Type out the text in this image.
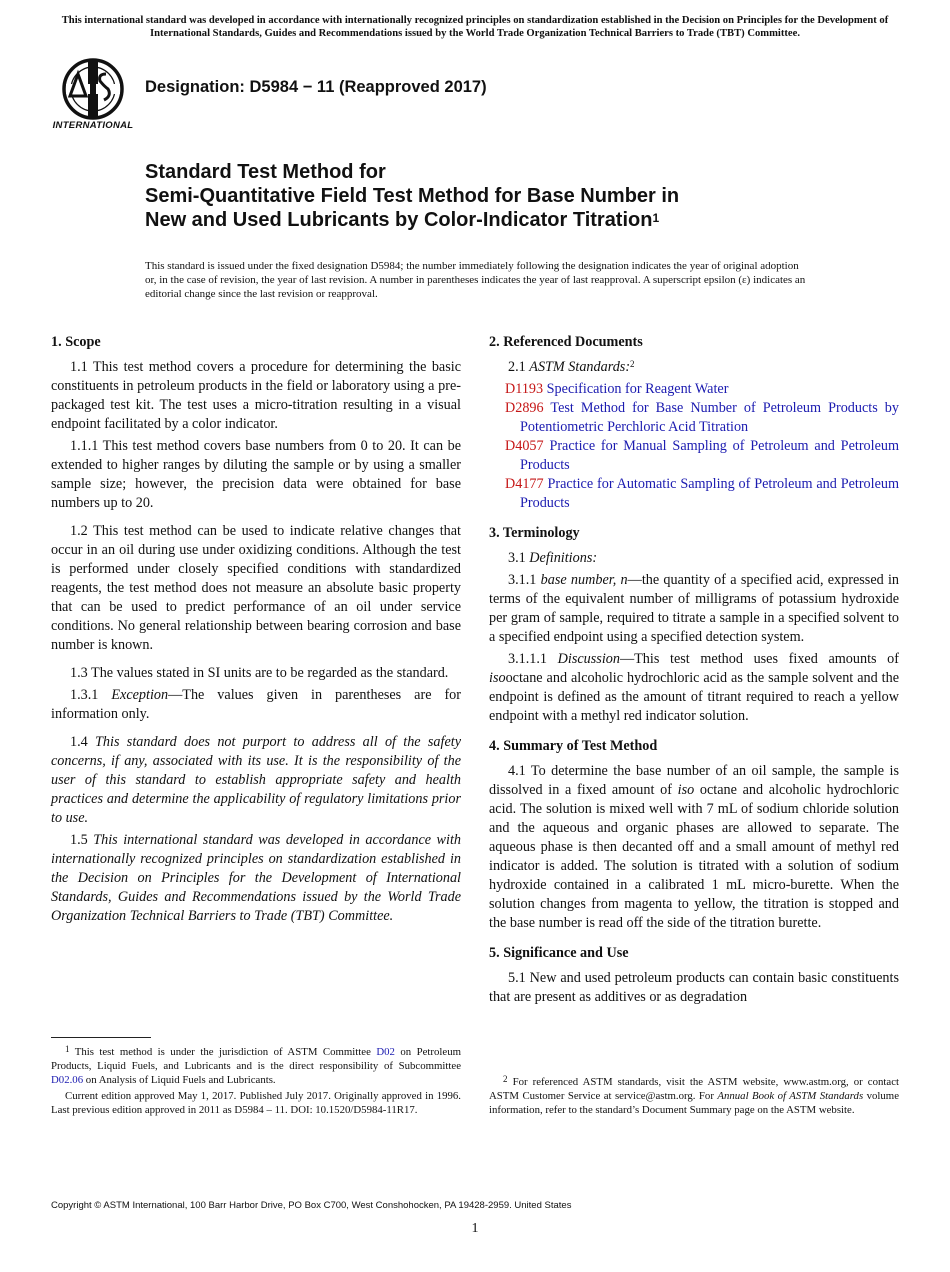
This international standard was developed in accordance with internationally recognized principles on standardization established in the Decision on Principles for the Development of International Standards, Guides and Recommendations issued by the World Trade Organization Technical Barriers to Trade (TBT) Committee.
INTERNATIONAL
Designation: D5984 − 11 (Reapproved 2017)
Standard Test Method for
Semi-Quantitative Field Test Method for Base Number in
New and Used Lubricants by Color-Indicator Titration$^1$
This standard is issued under the fixed designation D5984; the number immediately following the designation indicates the year of original adoption or, in the case of revision, the year of last revision. A number in parentheses indicates the year of last reapproval. A superscript epsilon (ε) indicates an editorial change since the last revision or reapproval.
1. Scope

1.1 This test method covers a procedure for determining the basic constituents in petroleum products in the field or laboratory using a pre-packaged test kit. The test uses a micro-titration resulting in a visual endpoint facilitated by a color indicator.

1.1.1 This test method covers base numbers from 0 to 20. It can be extended to higher ranges by diluting the sample or by using a smaller sample size; however, the precision data were obtained for base numbers up to 20.

1.2 This test method can be used to indicate relative changes that occur in an oil during use under oxidizing conditions. Although the test is performed under closely specified conditions with standardized reagents, the test method does not measure an absolute basic property that can be used to predict performance of an oil under service conditions. No general relationship between bearing corrosion and base number is known.

1.3 The values stated in SI units are to be regarded as the standard.

1.3.1 Exception—The values given in parentheses are for information only.

1.4 This standard does not purport to address all of the safety concerns, if any, associated with its use. It is the responsibility of the user of this standard to establish appropriate safety and health practices and determine the applicability of regulatory limitations prior to use.

1.5 This international standard was developed in accordance with internationally recognized principles on standardization established in the Decision on Principles for the Development of International Standards, Guides and Recommendations issued by the World Trade Organization Technical Barriers to Trade (TBT) Committee.

2. Referenced Documents

2.1 ASTM Standards:$^2$

D1193 Specification for Reagent Water
D2896 Test Method for Base Number of Petroleum Products by Potentiometric Perchloric Acid Titration
D4057 Practice for Manual Sampling of Petroleum and Petroleum Products
D4177 Practice for Automatic Sampling of Petroleum and Petroleum Products
3. Terminology

3.1 Definitions:

3.1.1 base number, n—the quantity of a specified acid, expressed in terms of the equivalent number of milligrams of potassium hydroxide per gram of sample, required to titrate a sample in a specified solvent to a specified endpoint using a specified detection system.

3.1.1.1 Discussion—This test method uses fixed amounts of isooctane and alcoholic hydrochloric acid as the sample solvent and the endpoint is defined as the amount of titrant required to reach a yellow endpoint with a methyl red indicator solution.

4. Summary of Test Method

4.1 To determine the base number of an oil sample, the sample is dissolved in a fixed amount of iso octane and alcoholic hydrochloric acid. The solution is mixed well with 7 mL of sodium chloride solution and the aqueous and organic phases are allowed to separate. The aqueous phase is then decanted off and a small amount of methyl red indicator is added. The solution is titrated with a solution of sodium hydroxide contained in a calibrated 1 mL micro-burette. When the solution changes from magenta to yellow, the titration is stopped and the base number is read off the side of the titration burette.

5. Significance and Use

5.1 New and used petroleum products can contain basic constituents that are present as additives or as degradation

$^1$ This test method is under the jurisdiction of ASTM Committee D02 on Petroleum Products, Liquid Fuels, and Lubricants and is the direct responsibility of Subcommittee D02.06 on Analysis of Liquid Fuels and Lubricants.

Current edition approved May 1, 2017. Published July 2017. Originally approved in 1996. Last previous edition approved in 2011 as D5984 – 11. DOI: 10.1520/D5984-11R17.

$^2$ For referenced ASTM standards, visit the ASTM website, www.astm.org, or contact ASTM Customer Service at service@astm.org. For Annual Book of ASTM Standards volume information, refer to the standard’s Document Summary page on the ASTM website.

Copyright © ASTM International, 100 Barr Harbor Drive, PO Box C700, West Conshohocken, PA 19428-2959. United States
1
